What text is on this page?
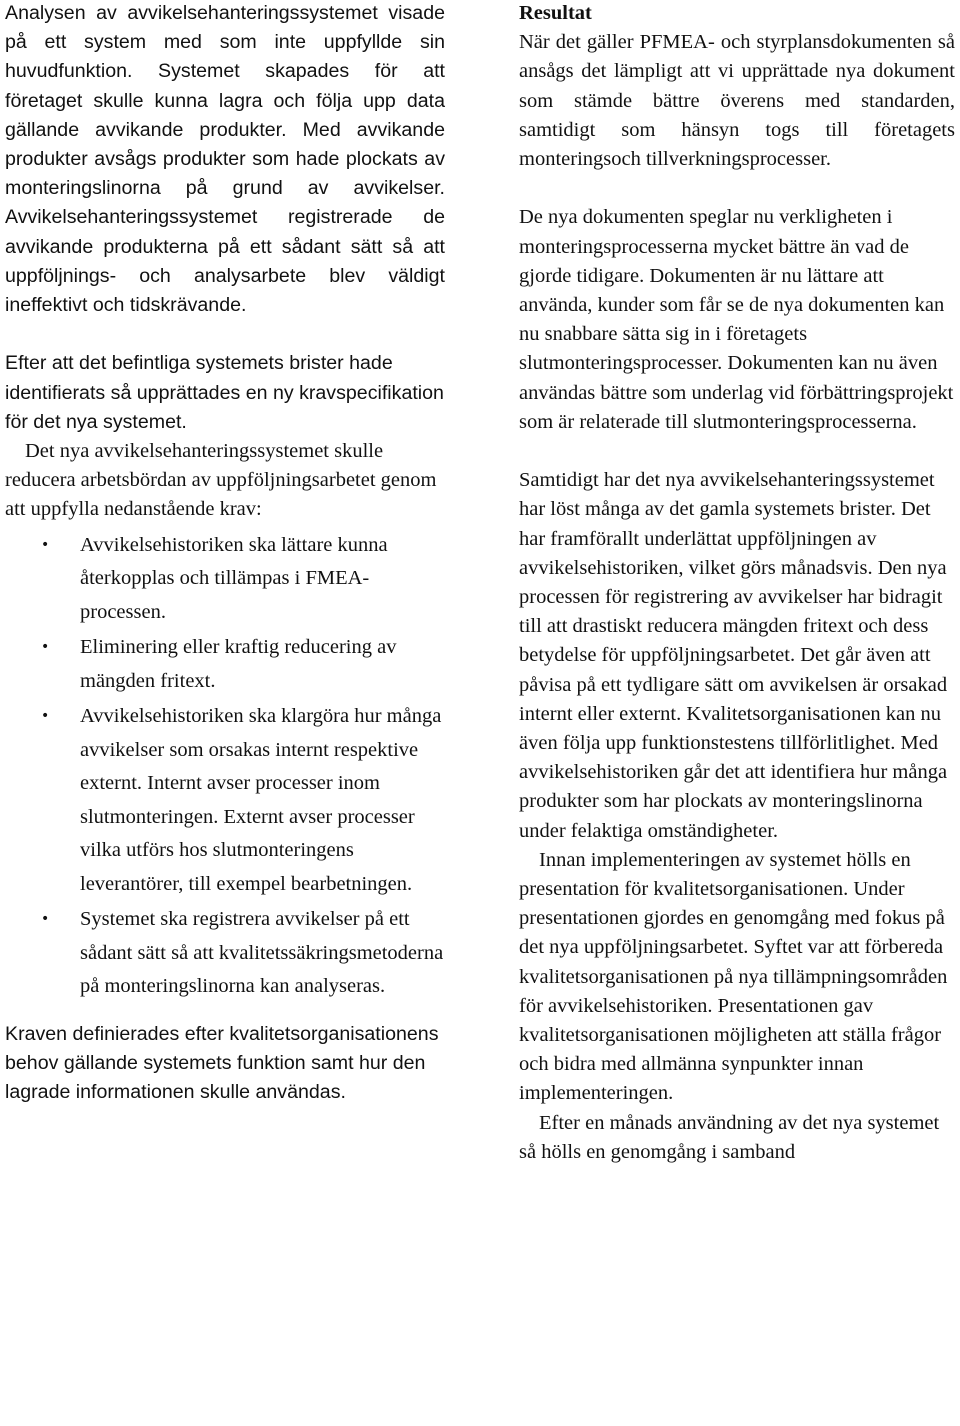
Analysen av avvikelsehanteringssystemet visade på ett system med som inte uppfyllde sin huvudfunktion. Systemet skapades för att företaget skulle kunna lagra och följa upp data gällande avvikande produkter. Med avvikande produkter avsågs produkter som hade plockats av monteringslinorna på grund av avvikelser. Avvikelsehanteringssystemet registrerade de avvikande produkterna på ett sådant sätt så att uppföljnings- och analysarbete blev väldigt ineffektivt och tidskrävande.

Efter att det befintliga systemets brister hade identifierats så upprättades en ny kravspecifikation för det nya systemet.

Det nya avvikelsehanteringssystemet skulle reducera arbetsbördan av uppföljningsarbetet genom att uppfylla nedanstående krav:

• Avvikelsehistoriken ska lättare kunna återkopplas och tillämpas i FMEA-processen.
• Eliminering eller kraftig reducering av mängden fritext.
• Avvikelsehistoriken ska klargöra hur många avvikelser som orsakas internt respektive externt. Internt avser processer inom slutmonteringen. Externt avser processer vilka utförs hos slutmonteringens leverantörer, till exempel bearbetningen.
• Systemet ska registrera avvikelser på ett sådant sätt så att kvalitetssäkringsmetoderna på monteringslinorna kan analyseras.

Kraven definierades efter kvalitetsorganisationens behov gällande systemets funktion samt hur den lagrade informationen skulle användas.

Resultat

När det gäller PFMEA- och styrplansdokumenten så ansågs det lämpligt att vi upprättade nya dokument som stämde bättre överens med standarden, samtidigt som hänsyn togs till företagets monteringsoch tillverkningsprocesser.

De nya dokumenten speglar nu verkligheten i monteringsprocesserna mycket bättre än vad de gjorde tidigare. Dokumenten är nu lättare att använda, kunder som får se de nya dokumenten kan nu snabbare sätta sig in i företagets slutmonteringsprocesser. Dokumenten kan nu även användas bättre som underlag vid förbättringsprojekt som är relaterade till slutmonteringsprocesserna.

Samtidigt har det nya avvikelsehanteringssystemet har löst många av det gamla systemets brister. Det har framförallt underlättat uppföljningen av avvikelsehistoriken, vilket görs månadsvis. Den nya processen för registrering av avvikelser har bidragit till att drastiskt reducera mängden fritext och dess betydelse för uppföljningsarbetet. Det går även att påvisa på ett tydligare sätt om avvikelsen är orsakad internt eller externt. Kvalitetsorganisationen kan nu även följa upp funktionstestens tillförlitlighet. Med avvikelsehistoriken går det att identifiera hur många produkter som har plockats av monteringslinorna under felaktiga omständigheter.

Innan implementeringen av systemet hölls en presentation för kvalitetsorganisationen. Under presentationen gjordes en genomgång med fokus på det nya uppföljningsarbetet. Syftet var att förbereda kvalitetsorganisationen på nya tillämpningsområden för avvikelsehistoriken. Presentationen gav kvalitetsorganisationen möjligheten att ställa frågor och bidra med allmänna synpunkter innan implementeringen.

Efter en månads användning av det nya systemet så hölls en genomgång i samband
